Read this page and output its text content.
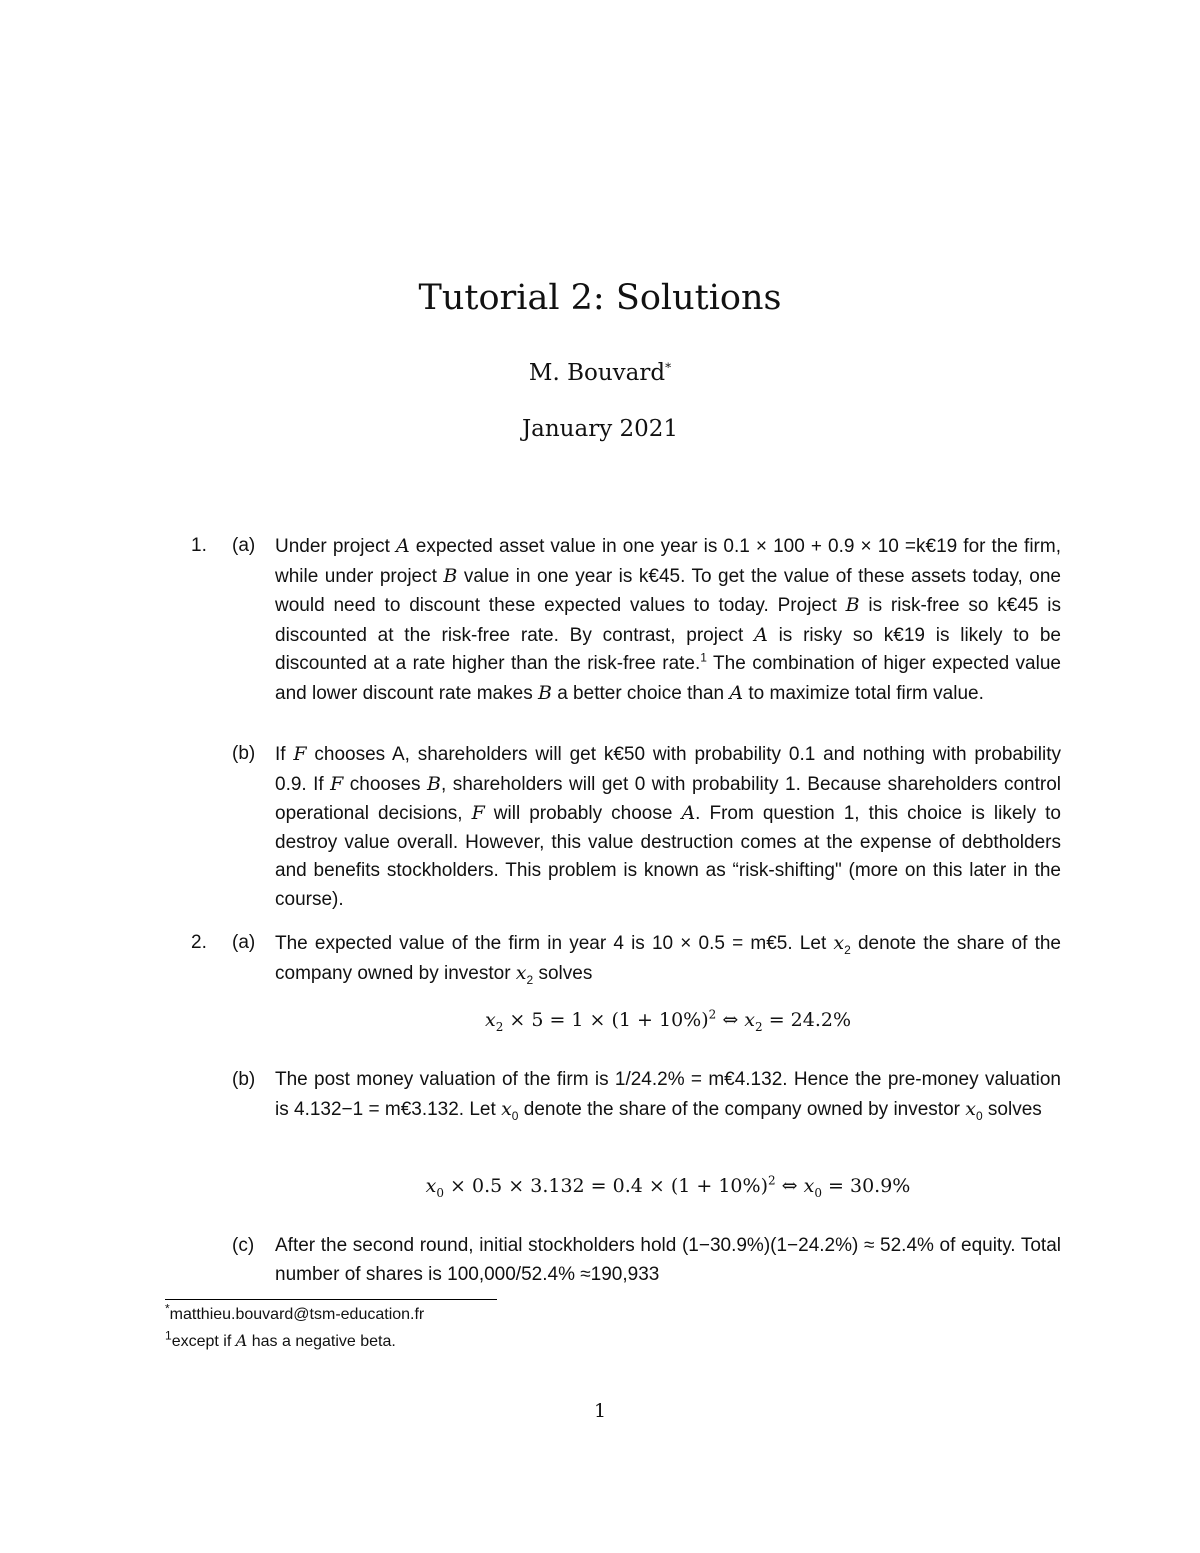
Tutorial 2: Solutions
M. Bouvard*
January 2021
1. (a) Under project A expected asset value in one year is 0.1 × 100 + 0.9 × 10 =k€19 for the firm, while under project B value in one year is k€45. To get the value of these assets today, one would need to discount these expected values to today. Project B is risk-free so k€45 is discounted at the risk-free rate. By contrast, project A is risky so k€19 is likely to be discounted at a rate higher than the risk-free rate.$^1$ The combination of higer expected value and lower discount rate makes B a better choice than A to maximize total firm value.
(b) If F chooses A, shareholders will get k€50 with probability 0.1 and nothing with probability 0.9. If F chooses B, shareholders will get 0 with probability 1. Because shareholders control operational decisions, F will probably choose A. From question 1, this choice is likely to destroy value overall. However, this value destruction comes at the expense of debtholders and benefits stockholders. This problem is known as “risk-shifting" (more on this later in the course).
2. (a) The expected value of the firm in year 4 is 10 × 0.5 = m€5. Let $x_2$ denote the share of the company owned by investor $x_2$ solves
$x_2 \times 5 = 1 \times (1 + 10\%)^2$ ⇔ $x_2 = 24.2\%$
(b) The post money valuation of the firm is 1/24.2% = m€4.132. Hence the pre-money valuation is 4.132−1 = m€3.132. Let $x_0$ denote the share of the company owned by investor $x_0$ solves
$x_0 \times 0.5 \times 3.132 = 0.4 \times (1 + 10\%)^2$ ⇔ $x_0 = 30.9\%$
(c) After the second round, initial stockholders hold (1−30.9%)(1−24.2%) ≈ 52.4% of equity. Total number of shares is 100,000/52.4% ≈190,933
*matthieu.bouvard@tsm-education.fr
$^1$except if A has a negative beta.
1
